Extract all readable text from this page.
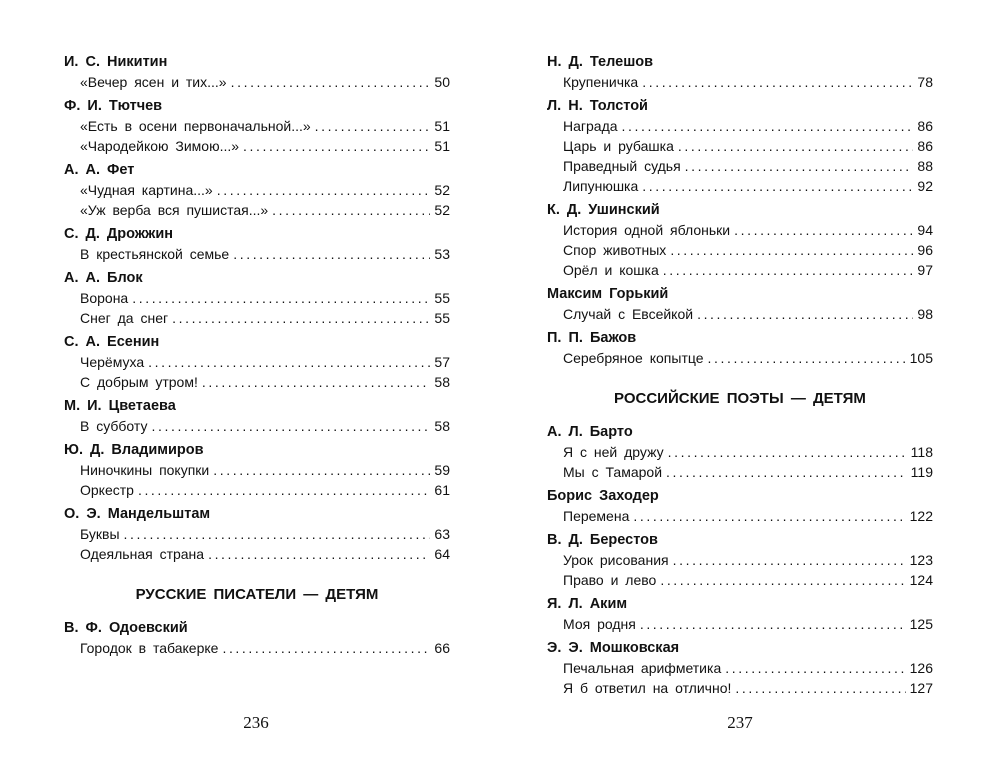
И. С. Никитин
«Вечер ясен и тих...» .....	50
Ф. И. Тютчев
«Есть в осени первоначальной...» .....	51
«Чародейкою Зимою...» .....	51
А. А. Фет
«Чудная картина...» .....	52
«Уж верба вся пушистая...» .....	52
С. Д. Дрожжин
В крестьянской семье .....	53
А. А. Блок
Ворона .....	55
Снег да снег .....	55
С. А. Есенин
Черёмуха .....	57
С добрым утром! .....	58
М. И. Цветаева
В субботу .....	58
Ю. Д. Владимиров
Ниночкины покупки .....	59
Оркестр .....	61
О. Э. Мандельштам
Буквы .....	63
Одеяльная страна .....	64
РУССКИЕ ПИСАТЕЛИ — ДЕТЯМ
В. Ф. Одоевский
Городок в табакерке .....	66
Н. Д. Телешов
Крупеничка .....	78
Л. Н. Толстой
Награда .....	86
Царь и рубашка .....	86
Праведный судья .....	88
Липунюшка .....	92
К. Д. Ушинский
История одной яблоньки .....	94
Спор животных .....	96
Орёл и кошка .....	97
Максим Горький
Случай с Евсейкой .....	98
П. П. Бажов
Серебряное копытце .....	105
РОССИЙСКИЕ ПОЭТЫ — ДЕТЯМ
А. Л. Барто
Я с ней дружу .....	118
Мы с Тамарой .....	119
Борис Заходер
Перемена .....	122
В. Д. Берестов
Урок рисования .....	123
Право и лево .....	124
Я. Л. Аким
Моя родня .....	125
Э. Э. Мошковская
Печальная арифметика .....	126
Я б ответил на отлично! .....	127
236	237
